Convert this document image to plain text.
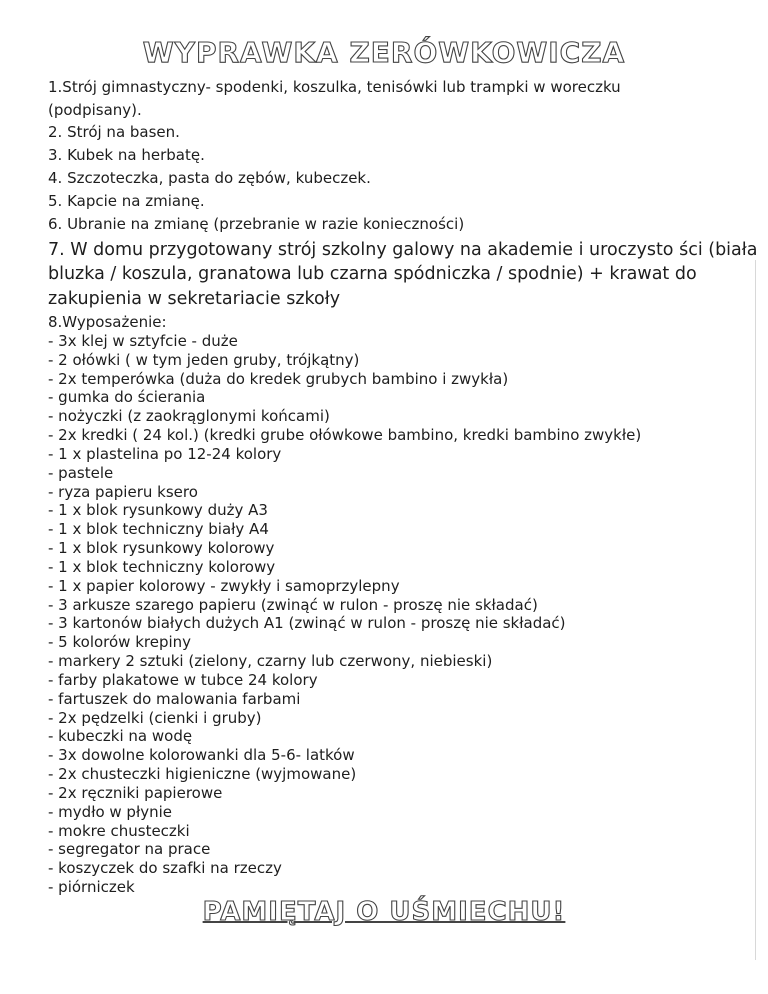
WYPRAWKA ZERÓWKOWICZA
1.Strój gimnastyczny- spodenki, koszulka, tenisówki lub trampki w woreczku
(podpisany).
2. Strój na basen.
3. Kubek na herbatę.
4. Szczoteczka, pasta do zębów, kubeczek.
5. Kapcie na zmianę.
6. Ubranie na zmianę (przebranie w razie konieczności)
7. W domu przygotowany strój szkolny galowy na akademie i uroczysto ści (biała
bluzka / koszula, granatowa lub czarna spódniczka / spodnie) + krawat do
zakupienia w sekretariacie szkoły
8.Wyposażenie:
- 3x klej w sztyfcie - duże
- 2 ołówki ( w tym jeden gruby, trójkątny)
- 2x temperówka (duża do kredek grubych bambino i zwykła)
- gumka do ścierania
- nożyczki (z zaokrąglonymi końcami)
- 2x kredki ( 24 kol.) (kredki grube ołówkowe bambino, kredki bambino zwykłe)
- 1 x plastelina po 12-24 kolory
- pastele
- ryza papieru ksero
- 1 x blok rysunkowy duży A3
- 1 x blok techniczny biały A4
- 1 x blok rysunkowy kolorowy
- 1 x blok techniczny kolorowy
- 1 x papier kolorowy - zwykły i samoprzylepny
- 3 arkusze szarego papieru (zwinąć w rulon - proszę nie składać)
- 3 kartonów białych dużych A1 (zwinąć w rulon - proszę nie składać)
- 5 kolorów krepiny
- markery 2 sztuki (zielony, czarny lub czerwony, niebieski)
- farby plakatowe w tubce 24 kolory
- fartuszek do malowania farbami
- 2x pędzelki (cienki i gruby)
- kubeczki na wodę
- 3x dowolne kolorowanki dla 5-6- latków
- 2x chusteczki higieniczne (wyjmowane)
- 2x ręczniki papierowe
- mydło w płynie
- mokre chusteczki
- segregator na prace
- koszyczek do szafki na rzeczy
- piórniczek
PAMIĘTAJ O UŚMIECHU!
